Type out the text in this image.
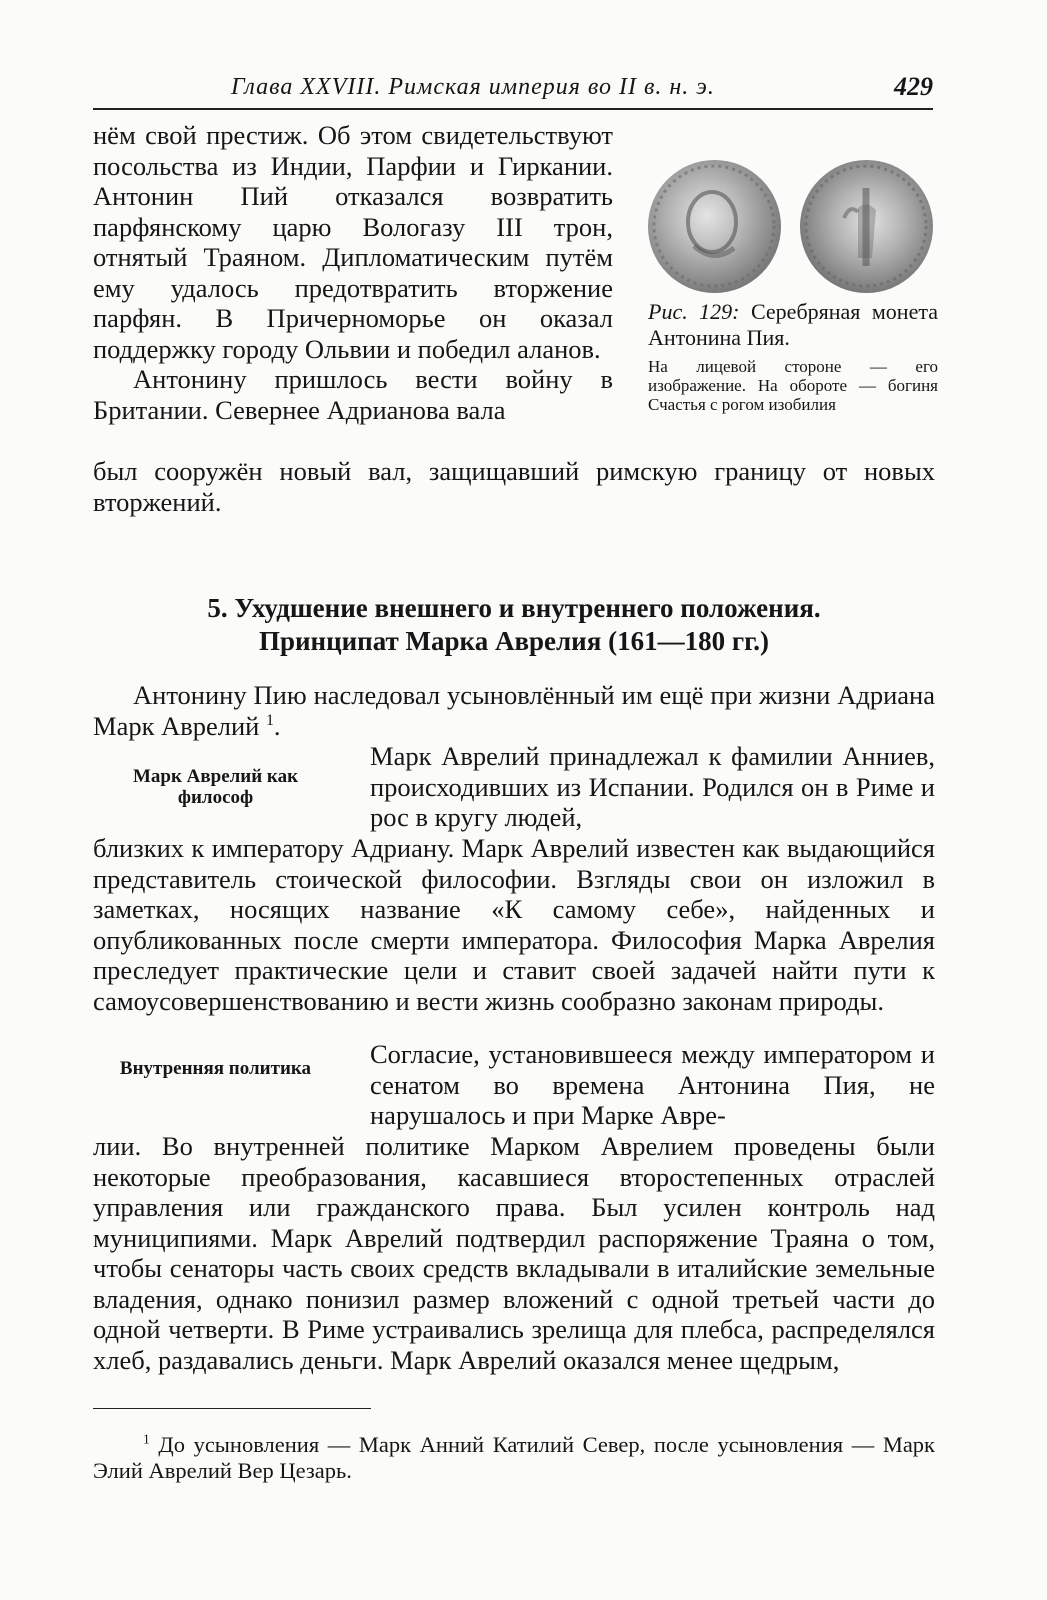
Глава XXVIII. Римская империя во II в. н. э.	429

нём свой престиж. Об этом свидетельствуют посольства из Индии, Парфии и Гиркании. Антонин Пий отказался возвратить парфянскому царю Вологазу III трон, отнятый Траяном. Дипломатическим путём ему удалось предотвратить вторжение парфян. В Причерноморье он оказал поддержку городу Ольвии и победил аланов.

Антонину пришлось вести войну в Британии. Севернее Адрианова вала

был сооружён новый вал, защищавший римскую границу от новых вторжений.
Рис. 129: Серебряная монета Антонина Пия.
На лицевой стороне — его изображение. На обороте — богиня Счастья с рогом изобилия
5. Ухудшение внешнего и внутреннего положения.
Принципат Марка Аврелия (161—180 гг.)

Антонину Пию наследовал усыновлённый им ещё при жизни Адриана Марк Аврелий $^1$.

Марк Аврелий как философ

Марк Аврелий принадлежал к фамилии Анниев, происходивших из Испании. Родился он в Риме и рос в кругу людей,

близких к императору Адриану. Марк Аврелий известен как выдающийся представитель стоической философии. Взгляды свои он изложил в заметках, носящих название «К самому себе», найденных и опубликованных после смерти императора. Философия Марка Аврелия преследует практические цели и ставит своей задачей найти пути к самоусовершенствованию и вести жизнь сообразно законам природы.

Внутренняя политика	Согласие, установившееся между императором и сенатом во времена Антонина Пия, не нарушалось и при Марке Авре-

лии. Во внутренней политике Марком Аврелием проведены были некоторые преобразования, касавшиеся второстепенных отраслей управления или гражданского права. Был усилен контроль над муниципиями. Марк Аврелий подтвердил распоряжение Траяна о том, чтобы сенаторы часть своих средств вкладывали в италийские земельные владения, однако понизил размер вложений с одной третьей части до одной четверти. В Риме устраивались зрелища для плебса, распределялся хлеб, раздавались деньги. Марк Аврелий оказался менее щедрым,

$^1$ До усыновления — Марк Анний Катилий Север, после усыновления — Марк Элий Аврелий Вер Цезарь.
